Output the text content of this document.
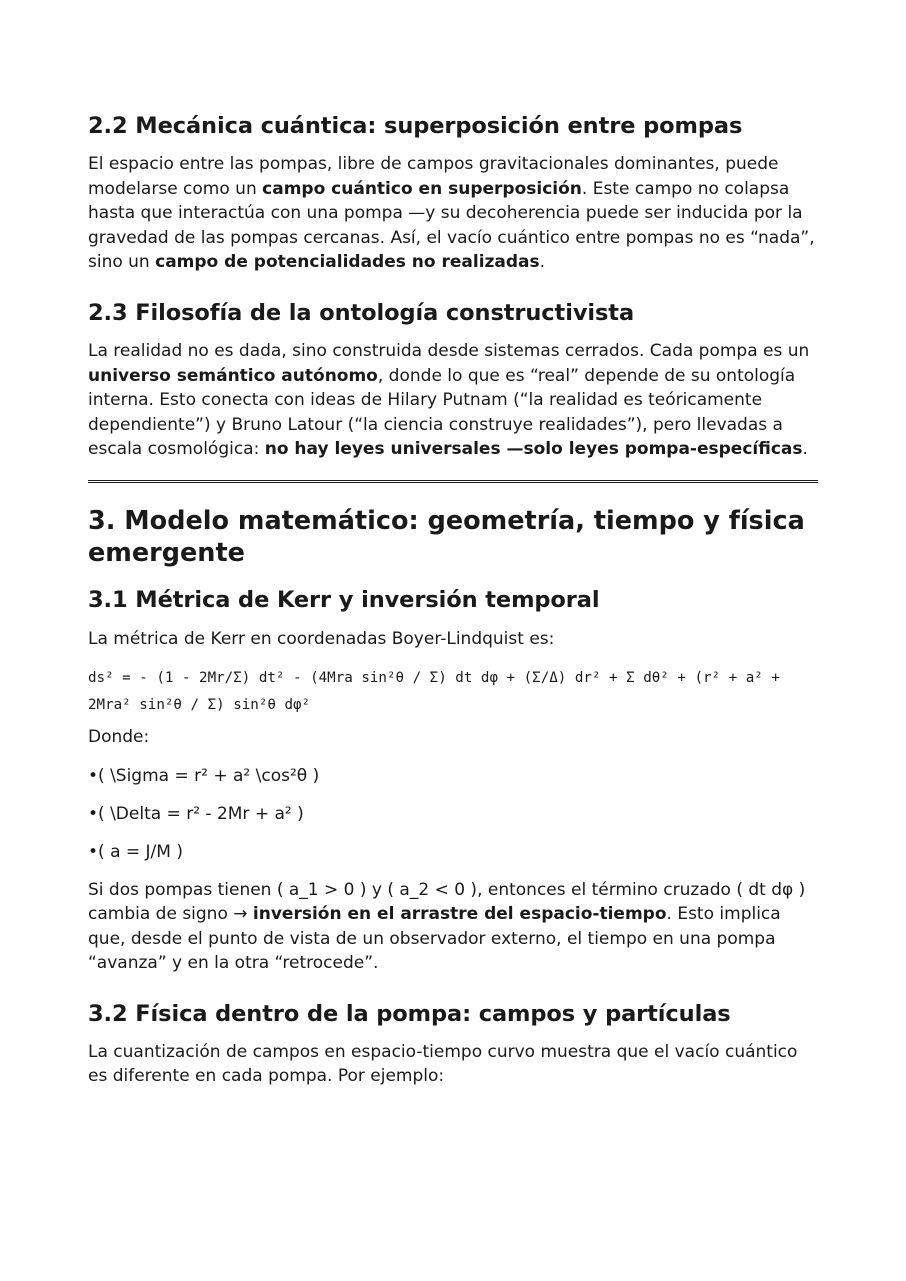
2.2 Mecánica cuántica: superposición entre pompas

El espacio entre las pompas, libre de campos gravitacionales dominantes, puede modelarse como un campo cuántico en superposición. Este campo no colapsa hasta que interactúa con una pompa —y su decoherencia puede ser inducida por la gravedad de las pompas cercanas. Así, el vacío cuántico entre pompas no es “nada”, sino un campo de potencialidades no realizadas.

2.3 Filosofía de la ontología constructivista

La realidad no es dada, sino construida desde sistemas cerrados. Cada pompa es un universo semántico autónomo, donde lo que es “real” depende de su ontología interna. Esto conecta con ideas de Hilary Putnam (“la realidad es teóricamente dependiente”) y Bruno Latour (“la ciencia construye realidades”), pero llevadas a escala cosmológica: no hay leyes universales —solo leyes pompa-específicas.

3. Modelo matemático: geometría, tiempo y física emergente
3.1 Métrica de Kerr y inversión temporal

La métrica de Kerr en coordenadas Boyer-Lindquist es:

ds² = - (1 - 2Mr/Σ) dt² - (4Mra sin²θ / Σ) dt dφ + (Σ/Δ) dr² + Σ dθ² + (r² + a² + 2Mra² sin²θ / Σ) sin²θ dφ²

Donde:

•( \Sigma = r² + a² \cos²θ )
•( \Delta = r² - 2Mr + a² )
•( a = J/M )

Si dos pompas tienen ( a_1 > 0 ) y ( a_2 < 0 ), entonces el término cruzado ( dt dφ ) cambia de signo → inversión en el arrastre del espacio-tiempo. Esto implica que, desde el punto de vista de un observador externo, el tiempo en una pompa “avanza” y en la otra “retrocede”.

3.2 Física dentro de la pompa: campos y partículas

La cuantización de campos en espacio-tiempo curvo muestra que el vacío cuántico es diferente en cada pompa. Por ejemplo:
